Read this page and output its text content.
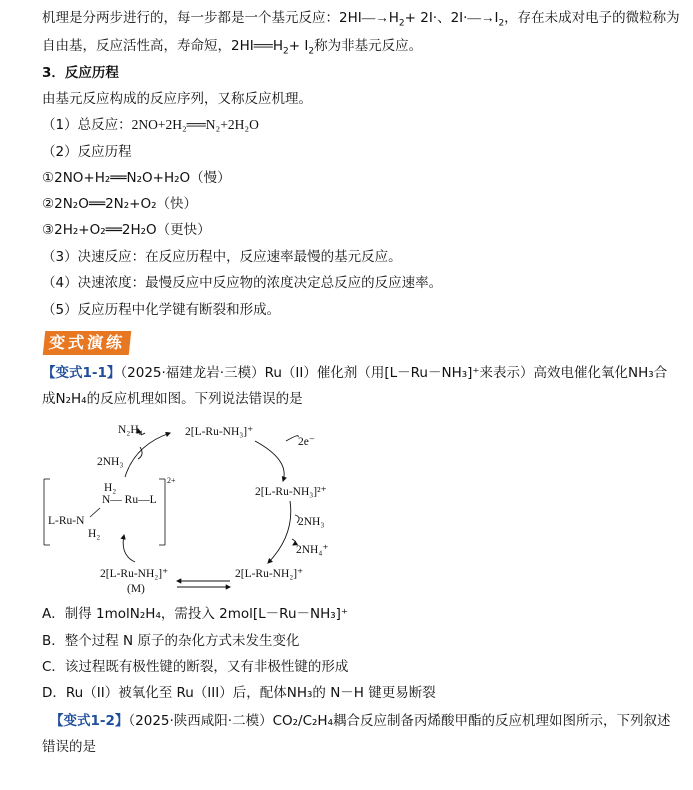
机理是分两步进行的，每一步都是一个基元反应：$2HI—\to H_2+ 2I\cdot$、$2I\cdot—\to I_2$，存在未成对电子的微粒称为
自由基，反应活性高，寿命短，$2HI══H_2+ I_2$称为非基元反应。
3．反应历程
由基元反应构成的反应序列，又称反应机理。
（1）总反应：2NO+2H₂══N₂+2H₂O
（2）反应历程
①2NO+H₂══N₂O+H₂O（慢）
②2N₂O══2N₂+O₂（快）
③2H₂+O₂══2H₂O（更快）
（3）决速反应：在反应历程中，反应速率最慢的基元反应。
（4）决速浓度：最慢反应中反应物的浓度决定总反应的反应速率。
（5）反应历程中化学键有断裂和形成。
变式演练
【变式1-1】（2025·福建龙岩·三模）Ru（II）催化剂（用[L－Ru－NH₃]⁺来表示）高效电催化氧化NH₃合
成N₂H₄的反应机理如图。下列说法错误的是
2[L-Ru-NH₃]⁺
N₂H₄
2e⁻
2NH₃
2[L-Ru-NH₃]²⁺
2NH₃
2NH₄⁺
2[L-Ru-NH₂]⁺
2[L-Ru-NH₂]⁺
(M)
2+
H₂
N— Ru—L
L-Ru-N
H₂
A．制得 1molN₂H₄，需投入 2mol[L－Ru－NH₃]⁺
B．整个过程 N 原子的杂化方式未发生变化
C．该过程既有极性键的断裂，又有非极性键的形成
D．Ru（II）被氧化至 Ru（III）后，配体NH₃的 N－H 键更易断裂
【变式1-2】（2025·陕西咸阳·二模）CO₂/C₂H₄耦合反应制备丙烯酸甲酯的反应机理如图所示，下列叙述
错误的是
